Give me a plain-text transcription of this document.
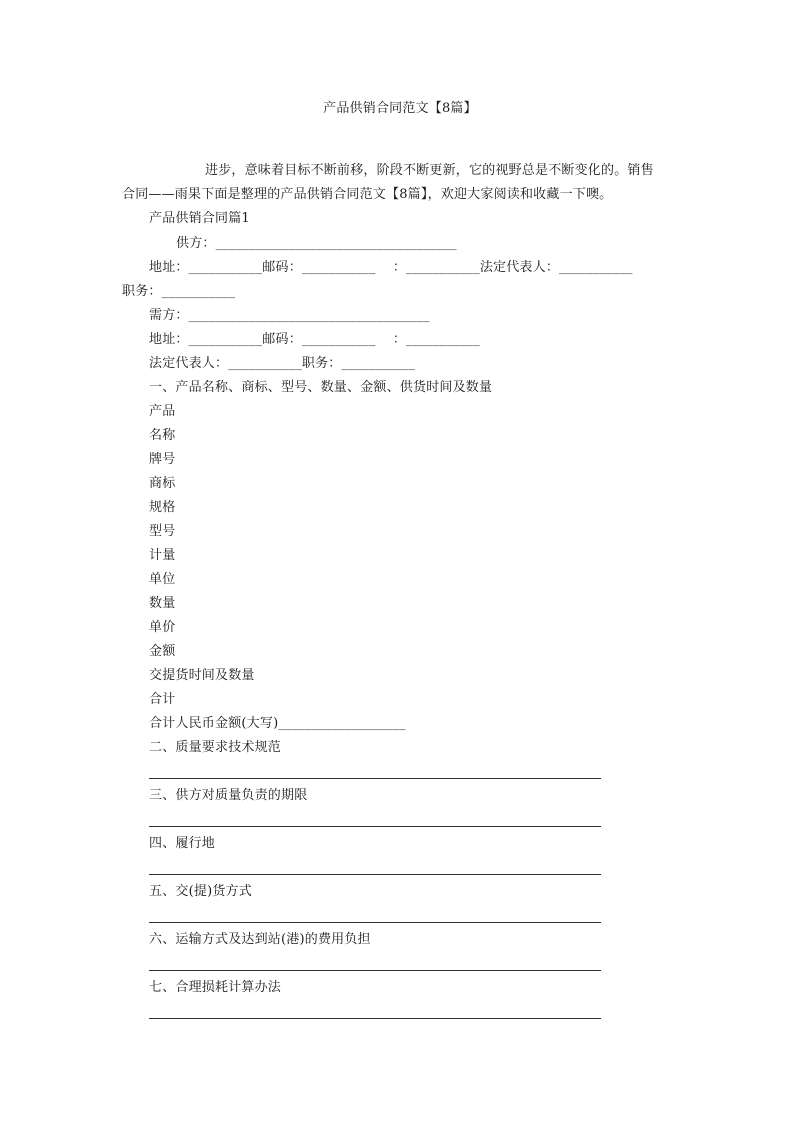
产品供销合同范文【8篇】
进步，意味着目标不断前移，阶段不断更新，它的视野总是不断变化的。销售
合同——雨果下面是整理的产品供销合同范文【8篇】，欢迎大家阅读和收藏一下噢。
产品供销合同篇1
供方：____________________________________
地址：___________邮码：___________    ：___________法定代表人：___________
职务：___________
需方：____________________________________
地址：___________邮码：___________    ：___________
法定代表人：___________职务：___________
一、产品名称、商标、型号、数量、金额、供货时间及数量
产品
名称
牌号
商标
规格
型号
计量
单位
数量
单价
金额
交提货时间及数量
合计
合计人民币金额(大写)___________________
二、质量要求技术规范
三、供方对质量负责的期限
四、履行地
五、交(提)货方式
六、运输方式及达到站(港)的费用负担
七、合理损耗计算办法
